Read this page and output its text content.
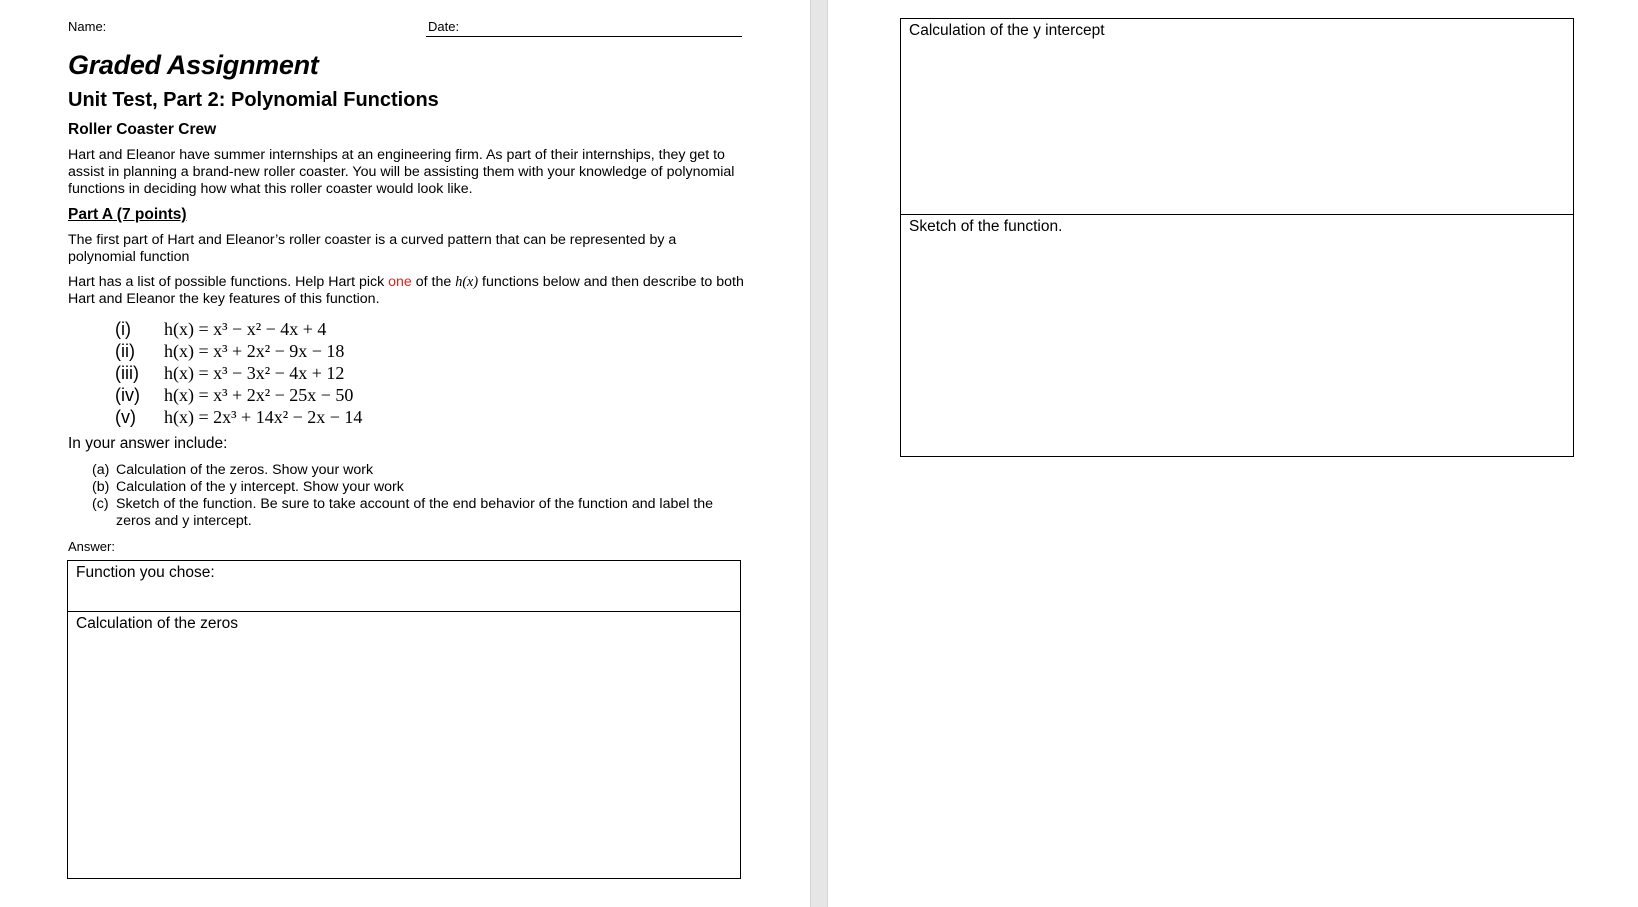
Name:	Date:
Graded Assignment
Unit Test, Part 2: Polynomial Functions
Roller Coaster Crew
Hart and Eleanor have summer internships at an engineering firm. As part of their internships, they get to assist in planning a brand-new roller coaster. You will be assisting them with your knowledge of polynomial functions in deciding how what this roller coaster would look like.
Part A (7 points)
The first part of Hart and Eleanor’s roller coaster is a curved pattern that can be represented by a polynomial function
Hart has a list of possible functions. Help Hart pick one of the h(x) functions below and then describe to both Hart and Eleanor the key features of this function.
(i)	h(x) = x³ − x² − 4x + 4
(ii)	h(x) = x³ + 2x² − 9x − 18
(iii)	h(x) = x³ − 3x² − 4x + 12
(iv)	h(x) = x³ + 2x² − 25x − 50
(v)	h(x) = 2x³ + 14x² − 2x − 14
In your answer include:
(a) Calculation of the zeros. Show your work
(b) Calculation of the y intercept. Show your work
(c) Sketch of the function. Be sure to take account of the end behavior of the function and label the zeros and y intercept.
Answer:
Function you chose:
Calculation of the zeros
Calculation of the y intercept
Sketch of the function.
